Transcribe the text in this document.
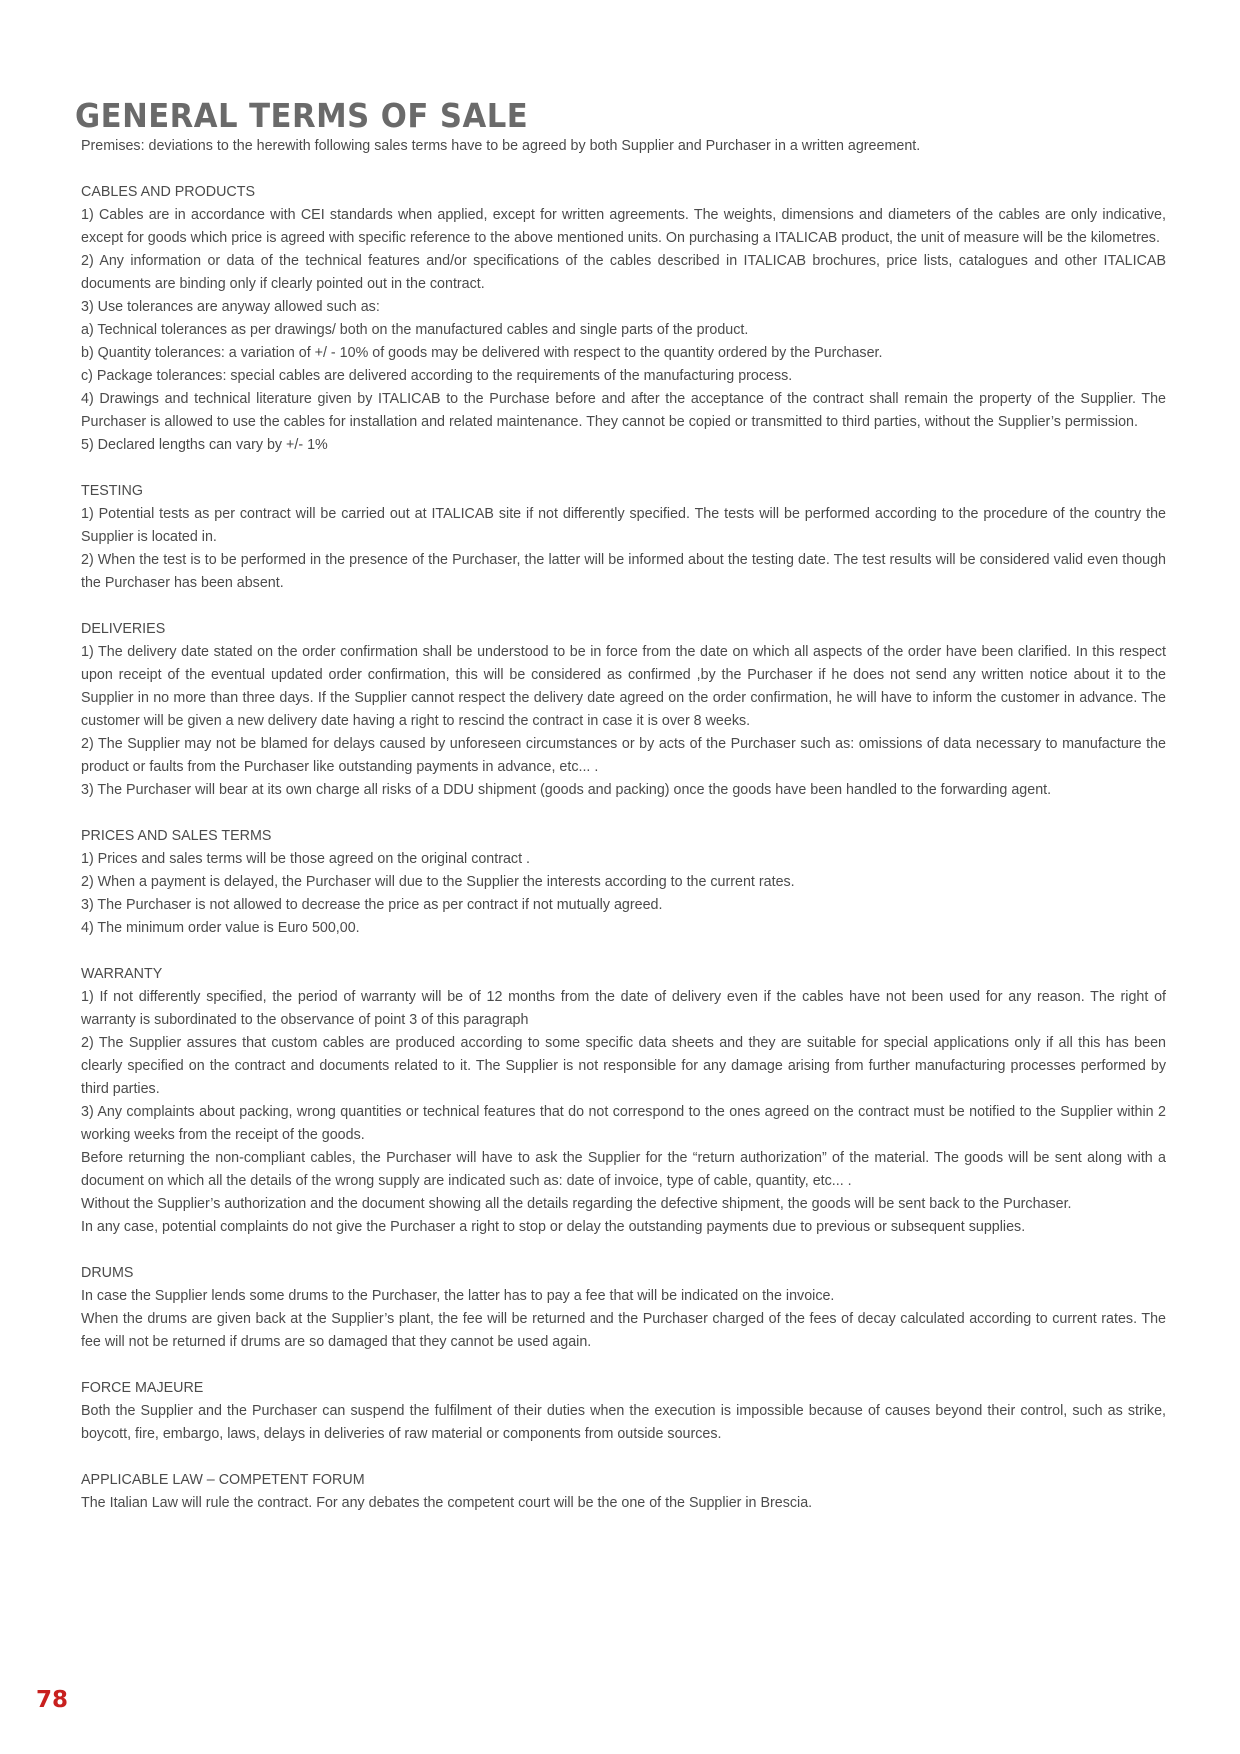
GENERAL TERMS OF SALE

Premises: deviations to the herewith following sales terms have to be agreed by both Supplier and Purchaser in a written agreement.

CABLES AND PRODUCTS

1) Cables are in accordance with CEI standards when applied, except for written agreements. The weights, dimensions and diameters of the cables are only indicative, except for goods which price is agreed with specific reference to the above mentioned units. On purchasing a ITALICAB product, the unit of measure will be the kilometres.

2) Any information or data of the technical features and/or specifications of the cables described in ITALICAB brochures, price lists, catalogues and other ITALICAB documents are binding only if clearly pointed out in the contract.

3) Use tolerances are anyway allowed such as:

a) Technical tolerances as per drawings/ both on the manufactured cables and single parts of the product.

b) Quantity tolerances: a variation of +/ - 10% of goods may be delivered with respect to the quantity ordered by the Purchaser.

c) Package tolerances: special cables are delivered according to the requirements of the manufacturing process.

4) Drawings and technical literature given by ITALICAB to the Purchase before and after the acceptance of the contract shall remain the property of the Supplier. The Purchaser is allowed to use the cables for installation and related maintenance. They cannot be copied or transmitted to third parties, without the Supplier’s permission.

5) Declared lengths can vary by +/- 1%

TESTING

1) Potential tests as per contract will be carried out at ITALICAB site if not differently specified. The tests will be performed according to the procedure of the country the Supplier is located in.

2) When the test is to be performed in the presence of the Purchaser, the latter will be informed about the testing date. The test results will be considered valid even though the Purchaser has been absent.

DELIVERIES

1) The delivery date stated on the order confirmation shall be understood to be in force from the date on which all aspects of the order have been clarified. In this respect upon receipt of the eventual updated order confirmation, this will be considered as confirmed ,by the Purchaser if he does not send any written notice about it to the Supplier in no more than three days. If the Supplier cannot respect the delivery date agreed on the order confirmation, he will have to inform the customer in advance. The customer will be given a new delivery date having a right to rescind the contract in case it is over 8 weeks.

2) The Supplier may not be blamed for delays caused by unforeseen circumstances or by acts of the Purchaser such as: omissions of data necessary to manufacture the product or faults from the Purchaser like outstanding payments in advance, etc... .

3) The Purchaser will bear at its own charge all risks of a DDU shipment (goods and packing) once the goods have been handled to the forwarding agent.

PRICES AND SALES TERMS

1) Prices and sales terms will be those agreed on the original contract .

2) When a payment is delayed, the Purchaser will due to the Supplier the interests according to the current rates.

3) The Purchaser is not allowed to decrease the price as per contract if not mutually agreed.

4) The minimum order value is Euro 500,00.

WARRANTY

1) If not differently specified, the period of warranty will be of 12 months from the date of delivery even if the cables have not been used for any reason. The right of warranty is subordinated to the observance of point 3 of this paragraph

2) The Supplier assures that custom cables are produced according to some specific data sheets and they are suitable for special applications only if all this has been clearly specified on the contract and documents related to it. The Supplier is not responsible for any damage arising from further manufacturing processes performed by third parties.

3) Any complaints about packing, wrong quantities or technical features that do not correspond to the ones agreed on the contract must be notified to the Supplier within 2 working weeks from the receipt of the goods.

Before returning the non-compliant cables, the Purchaser will have to ask the Supplier for the “return authorization” of the material. The goods will be sent along with a document on which all the details of the wrong supply are indicated such as: date of invoice, type of cable, quantity, etc... .

Without the Supplier’s authorization and the document showing all the details regarding the defective shipment, the goods will be sent back to the Purchaser.

In any case, potential complaints do not give the Purchaser a right to stop or delay the outstanding payments due to previous or subsequent supplies.

DRUMS

In case the Supplier lends some drums to the Purchaser, the latter has to pay a fee that will be indicated on the invoice.

When the drums are given back at the Supplier’s plant, the fee will be returned and the Purchaser charged of the fees of decay calculated according to current rates. The fee will not be returned if drums are so damaged that they cannot be used again.

FORCE MAJEURE

Both the Supplier and the Purchaser can suspend the fulfilment of their duties when the execution is impossible because of causes beyond their control, such as strike, boycott, fire, embargo, laws, delays in deliveries of raw material or components from outside sources.

APPLICABLE LAW – COMPETENT FORUM

The Italian Law will rule the contract. For any debates the competent court will be the one of the Supplier in Brescia.

78
